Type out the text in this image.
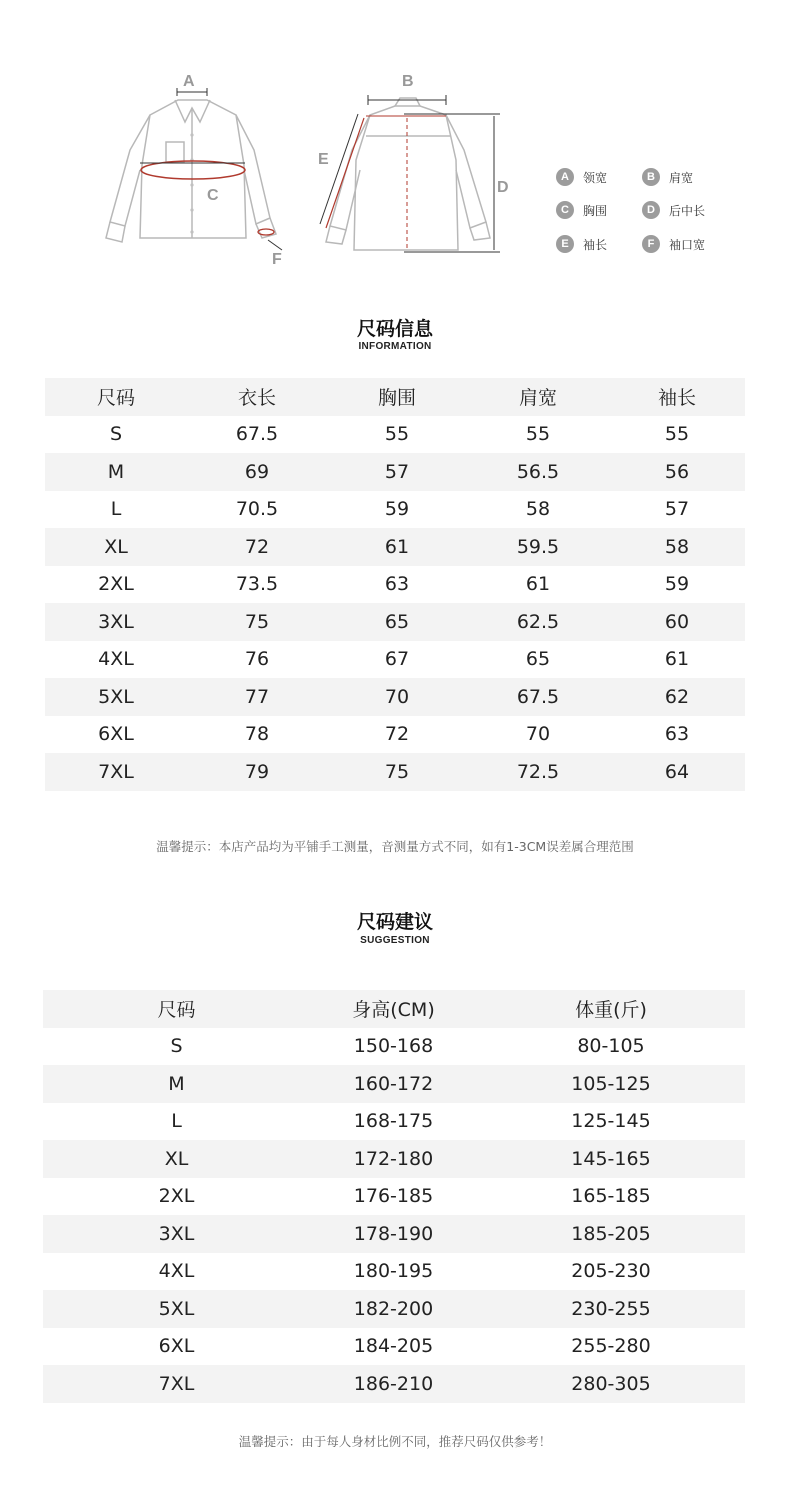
A
C
F
B
D
E
A	领宽	B	肩宽
C	胸围	D	后中长
E	袖长	F	袖口宽
尺码信息
INFORMATION
尺码	衣长	胸围	肩宽	袖长
S	67.5	55	55	55
M	69	57	56.5	56
L	70.5	59	58	57
XL	72	61	59.5	58
2XL	73.5	63	61	59
3XL	75	65	62.5	60
4XL	76	67	65	61
5XL	77	70	67.5	62
6XL	78	72	70	63
7XL	79	75	72.5	64
温馨提示：本店产品均为平铺手工测量，音测量方式不同，如有1-3CM误差属合理范围
尺码建议
SUGGESTION
尺码	身高(CM)	体重(斤)
S	150-168	80-105
M	160-172	105-125
L	168-175	125-145
XL	172-180	145-165
2XL	176-185	165-185
3XL	178-190	185-205
4XL	180-195	205-230
5XL	182-200	230-255
6XL	184-205	255-280
7XL	186-210	280-305
温馨提示：由于每人身材比例不同，推荐尺码仅供参考！
